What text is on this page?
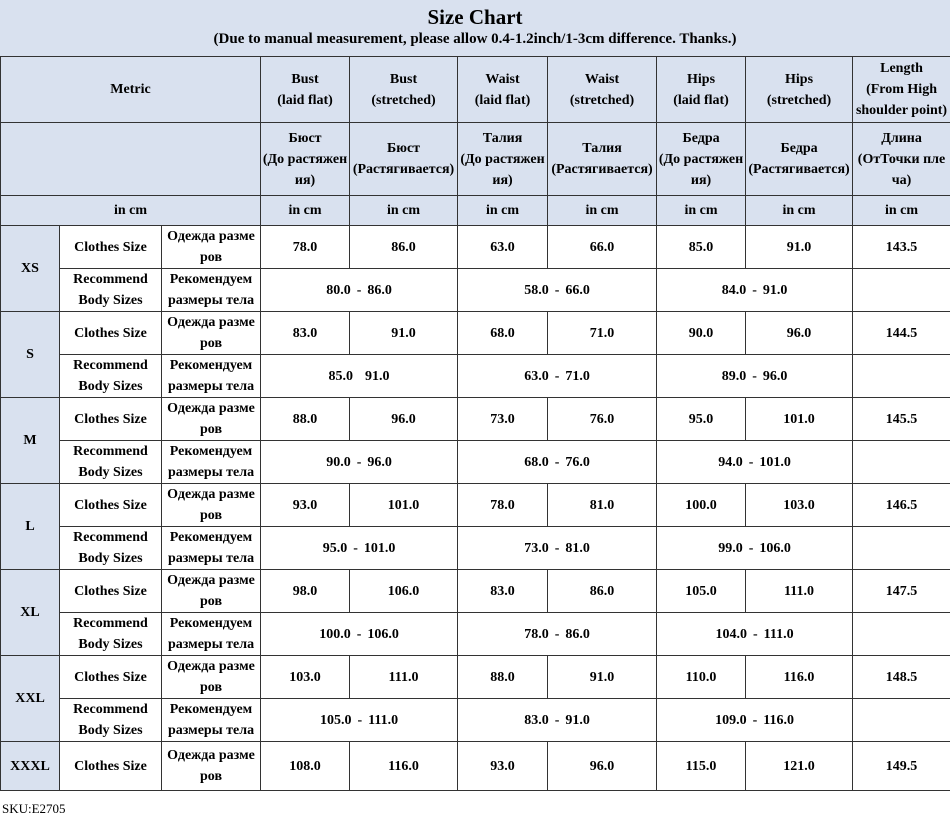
Size Chart
(Due to manual measurement, please allow 0.4-1.2inch/1-3cm difference. Thanks.)
Metric			Bust
(laid flat)	Bust
(stretched)	Waist
(laid flat)	Waist
(stretched)	Hips
(laid flat)	Hips
(stretched)	Length
(From High
shoulder point)
			Бюст
(До растяжен
ия)	Бюст
(Растягивается)	Талия
(До растяжен
ия)	Талия
(Растягивается)	Бедра
(До растяжен
ия)	Бедра
(Растягивается)	Длина
(ОтТочки пле
ча)
in cm			in cm	in cm	in cm	in cm	in cm	in cm	in cm
XS	Clothes Size	Одежда разме
ров	78.0	86.0	63.0	66.0	85.0	91.0	143.5
	Recommend
Body Sizes	Рекомендуем
размеры тела	80.0 - 86.0		58.0 - 66.0		84.0 - 91.0		
S	Clothes Size	Одежда разме
ров	83.0	91.0	68.0	71.0	90.0	96.0	144.5
	Recommend
Body Sizes	Рекомендуем
размеры тела	85.0 91.0		63.0 - 71.0		89.0 - 96.0		
M	Clothes Size	Одежда разме
ров	88.0	96.0	73.0	76.0	95.0	101.0	145.5
	Recommend
Body Sizes	Рекомендуем
размеры тела	90.0 - 96.0		68.0 - 76.0		94.0 - 101.0		
L	Clothes Size	Одежда разме
ров	93.0	101.0	78.0	81.0	100.0	103.0	146.5
	Recommend
Body Sizes	Рекомендуем
размеры тела	95.0 - 101.0		73.0 - 81.0		99.0 - 106.0		
XL	Clothes Size	Одежда разме
ров	98.0	106.0	83.0	86.0	105.0	111.0	147.5
	Recommend
Body Sizes	Рекомендуем
размеры тела	100.0 - 106.0		78.0 - 86.0		104.0 - 111.0		
XXL	Clothes Size	Одежда разме
ров	103.0	111.0	88.0	91.0	110.0	116.0	148.5
	Recommend
Body Sizes	Рекомендуем
размеры тела	105.0 - 111.0		83.0 - 91.0		109.0 - 116.0		
XXXL	Clothes Size	Одежда разме
ров	108.0	116.0	93.0	96.0	115.0	121.0	149.5
SKU:E2705
